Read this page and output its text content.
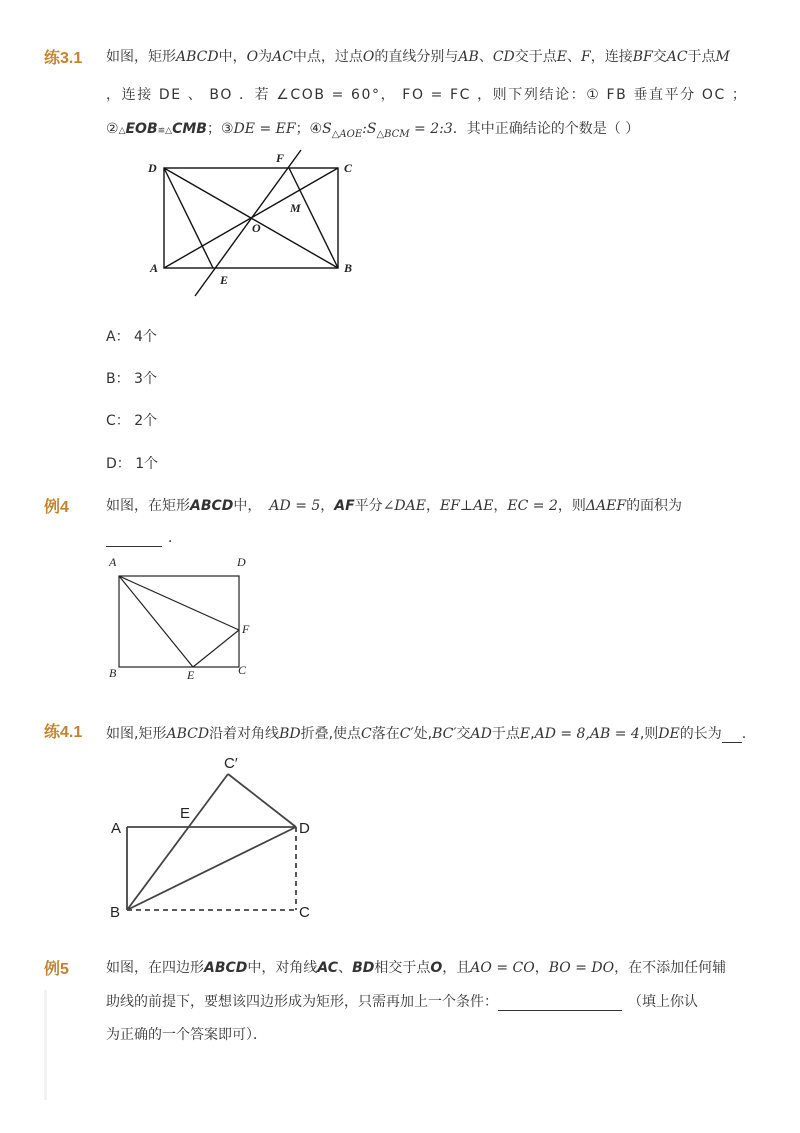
练3.1 如图，矩形ABCD中，O为AC中点，过点O的直线分别与AB、CD交于点E、F，连接BF交AC于点M
，连接 DE 、 BO ．若 ∠COB = 60°， FO = FC ，则下列结论：① FB 垂直平分 OC ；
②△EOB≌△CMB；③DE = EF；$④S_{\triangle AOE}:S_{\triangle BCM}$ = 2:3．其中正确结论的个数是（ ）
D
F
C
M
O
A
E
B
A： 4个
B： 3个
C： 2个
D： 1个
例4	如图，在矩形ABCD中， AD = 5，AF平分∠DAE，EF⊥AE，EC = 2，则ΔAEF的面积为
．
A	D
F
B	E	C
练4.1 如图,矩形ABCD沿着对角线BD折叠,使点C落在C′处,BC′交AD于点E,AD = 8,AB = 4,则DE的长为 .
C′
E
A	D
B	C
例5	如图，在四边形ABCD中，对角线AC、BD相交于点O，且AO = CO，BO = DO，在不添加任何辅
助线的前提下，要想该四边形成为矩形，只需再加上一个条件：	（填上你认
为正确的一个答案即可）．
